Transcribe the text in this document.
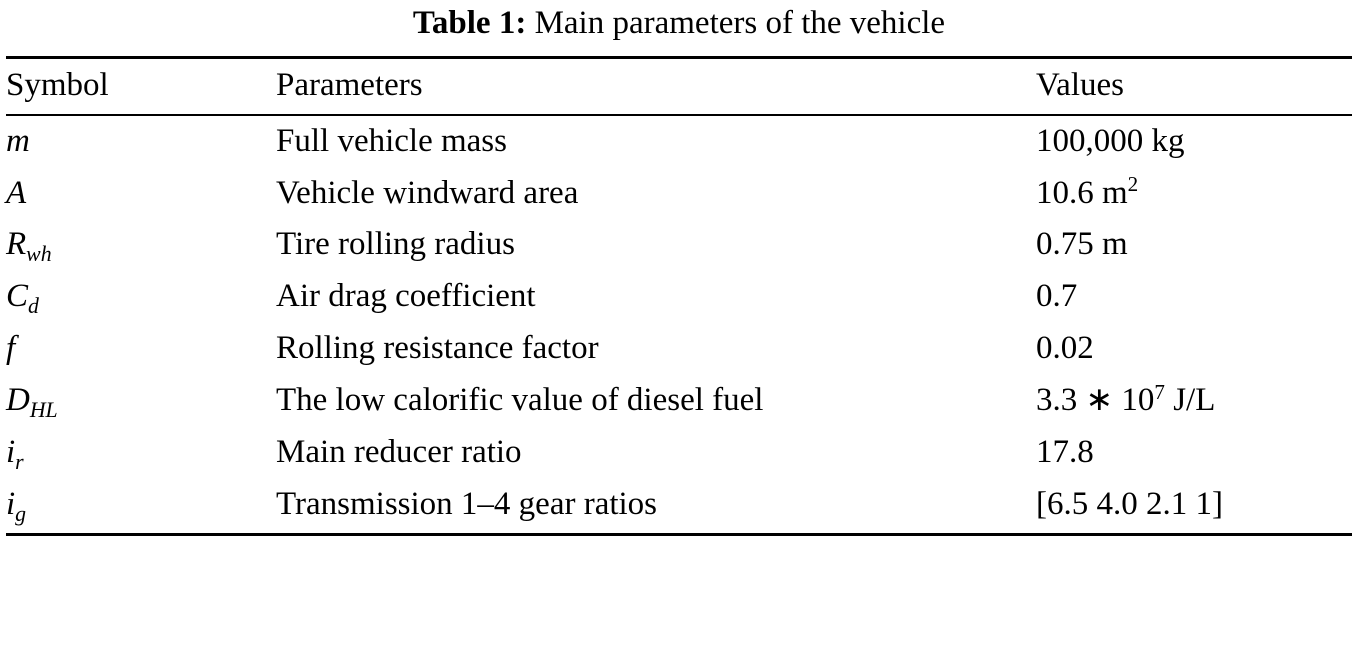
Table 1: Main parameters of the vehicle
Symbol	Parameters	Values
m	Full vehicle mass	100,000 kg
A	Vehicle windward area	10.6 $m^2$
$R_{wh}$	Tire rolling radius	0.75 m
$C_d$	Air drag coefficient	0.7
f	Rolling resistance factor	0.02
$D_{HL}$	The low calorific value of diesel fuel	3.3 ∗ $10^7$ J/L
$i_r$	Main reducer ratio	17.8
$i_g$	Transmission 1–4 gear ratios	[6.5 4.0 2.1 1]
